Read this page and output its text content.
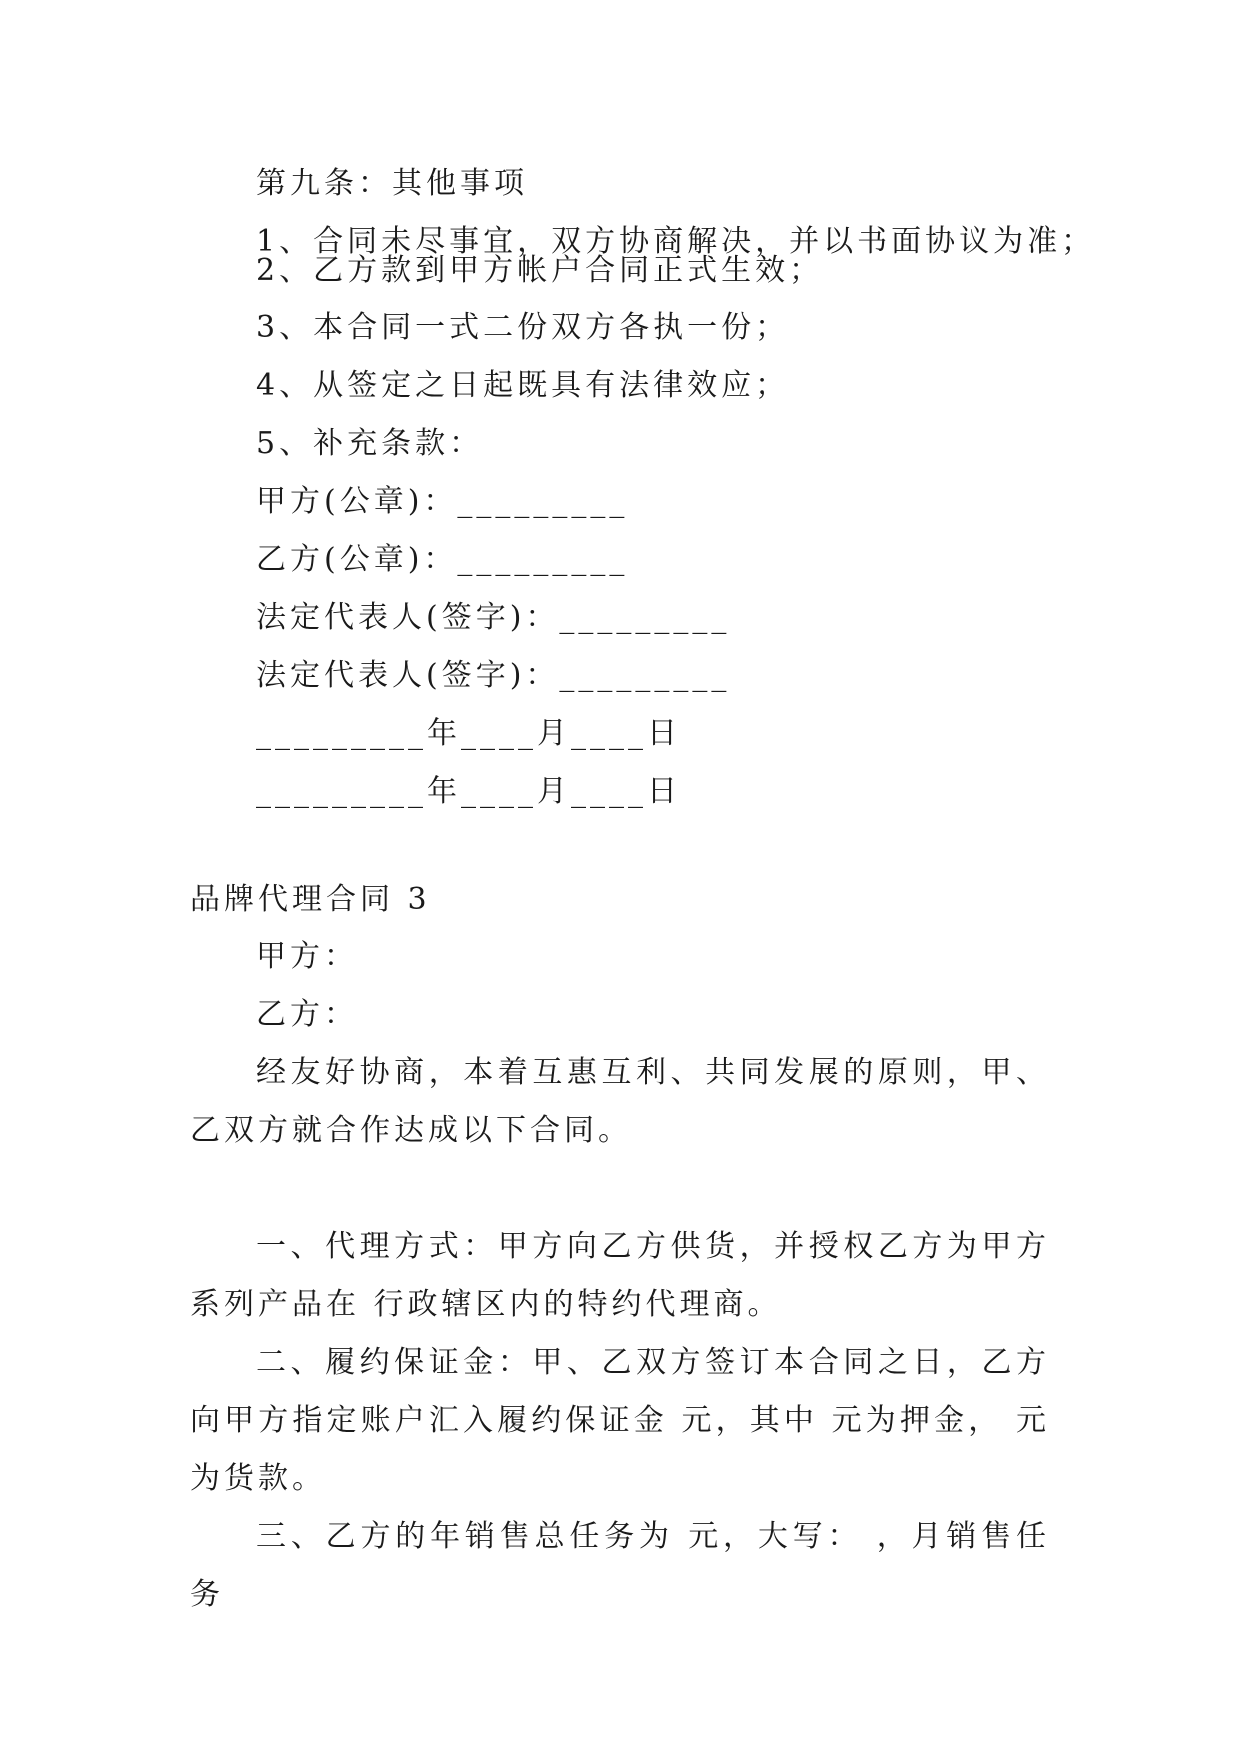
第九条：其他事项
1、合同未尽事宜，双方协商解决，并以书面协议为准；
2、乙方款到甲方帐户合同正式生效；
3、本合同一式二份双方各执一份；
4、从签定之日起既具有法律效应；
5、补充条款：
甲方(公章)：_________
乙方(公章)：_________
法定代表人(签字)：_________
法定代表人(签字)：_________
_________年____月____日
_________年____月____日
品牌代理合同 3
甲方：
乙方：
经友好协商，本着互惠互利、共同发展的原则，甲、乙双方就合作达成以下合同。
一、代理方式：甲方向乙方供货，并授权乙方为甲方系列产品在 行政辖区内的特约代理商。
二、履约保证金：甲、乙双方签订本合同之日，乙方向甲方指定账户汇入履约保证金 元，其中 元为押金， 元为货款。
三、乙方的年销售总任务为 元，大写： ，月销售任务
